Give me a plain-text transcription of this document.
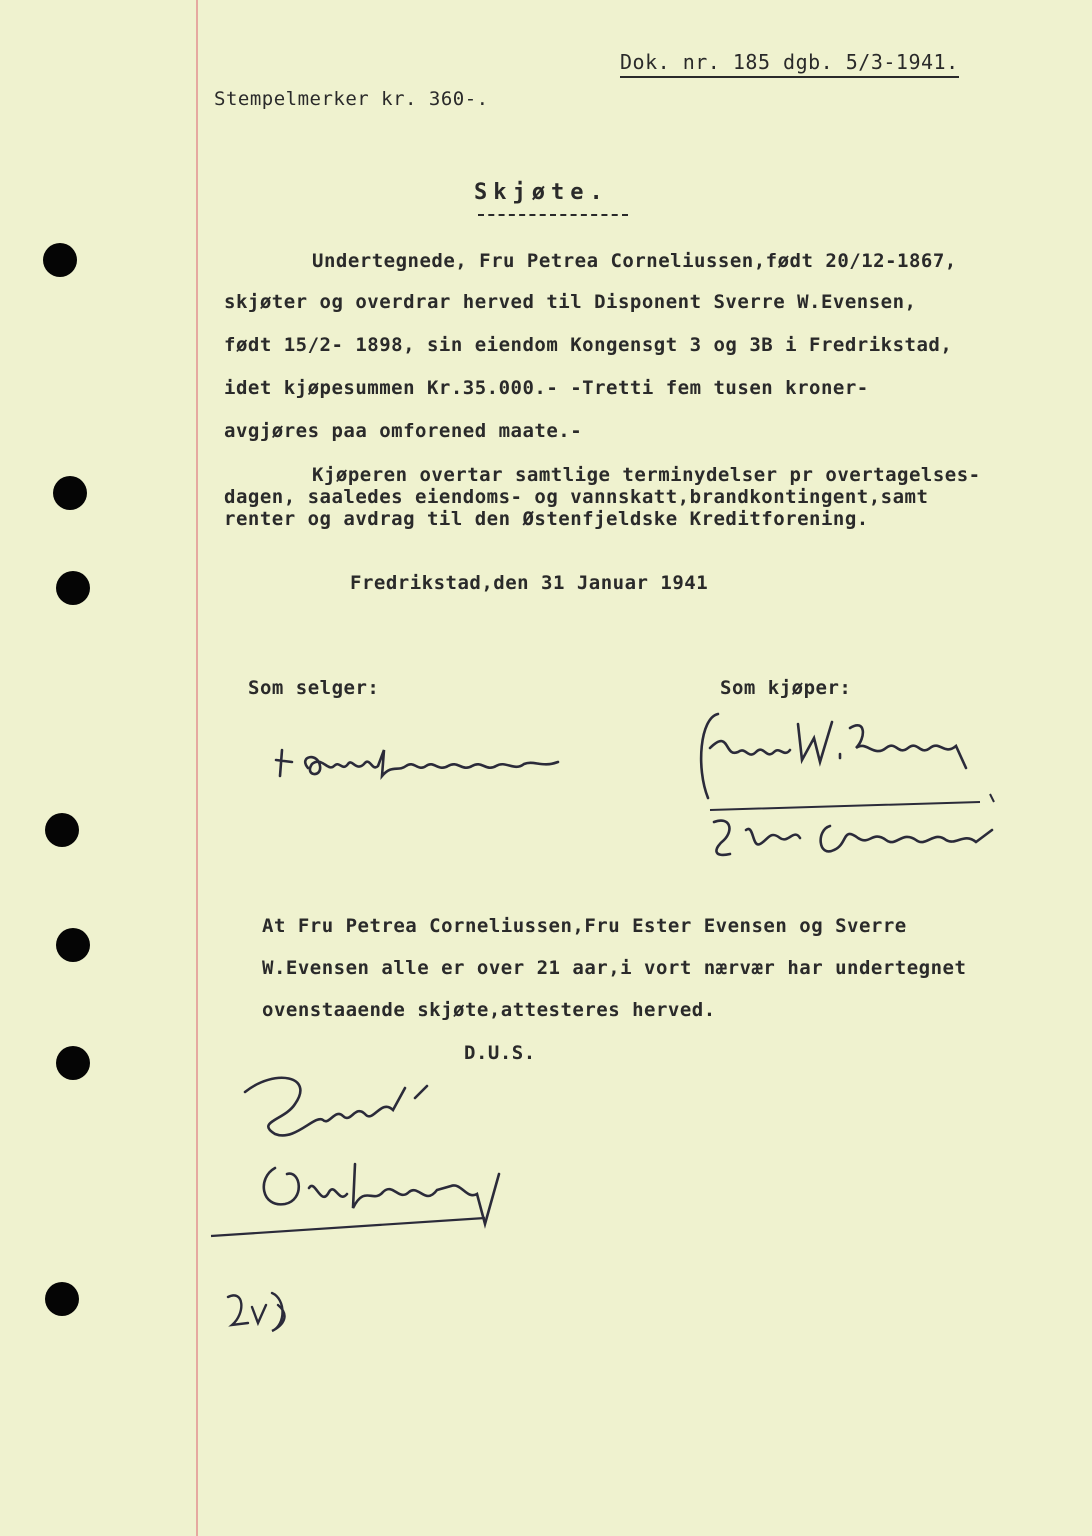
Dok. nr. 185 dgb. 5/3-1941.
Stempelmerker kr. 360-.
Skjøte.
Undertegnede, Fru Petrea Corneliussen,født 20/12-1867,
skjøter og overdrar herved til Disponent Sverre W.Evensen,
født 15/2- 1898, sin eiendom Kongensgt 3 og 3B i Fredrikstad,
idet kjøpesummen Kr.35.000.- -Tretti fem tusen kroner-
avgjøres paa omforened maate.-
Kjøperen overtar samtlige terminydelser pr overtagelses-
dagen, saaledes eiendoms- og vannskatt,brandkontingent,samt
renter og avdrag til den Østenfjeldske Kreditforening.
Fredrikstad,den 31 Januar 1941
Som selger:	Som kjøper:
At Fru Petrea Corneliussen,Fru Ester Evensen og Sverre
W.Evensen alle er over 21 aar,i vort nærvær har undertegnet
ovenstaaende skjøte,attesteres herved.
D.U.S.
